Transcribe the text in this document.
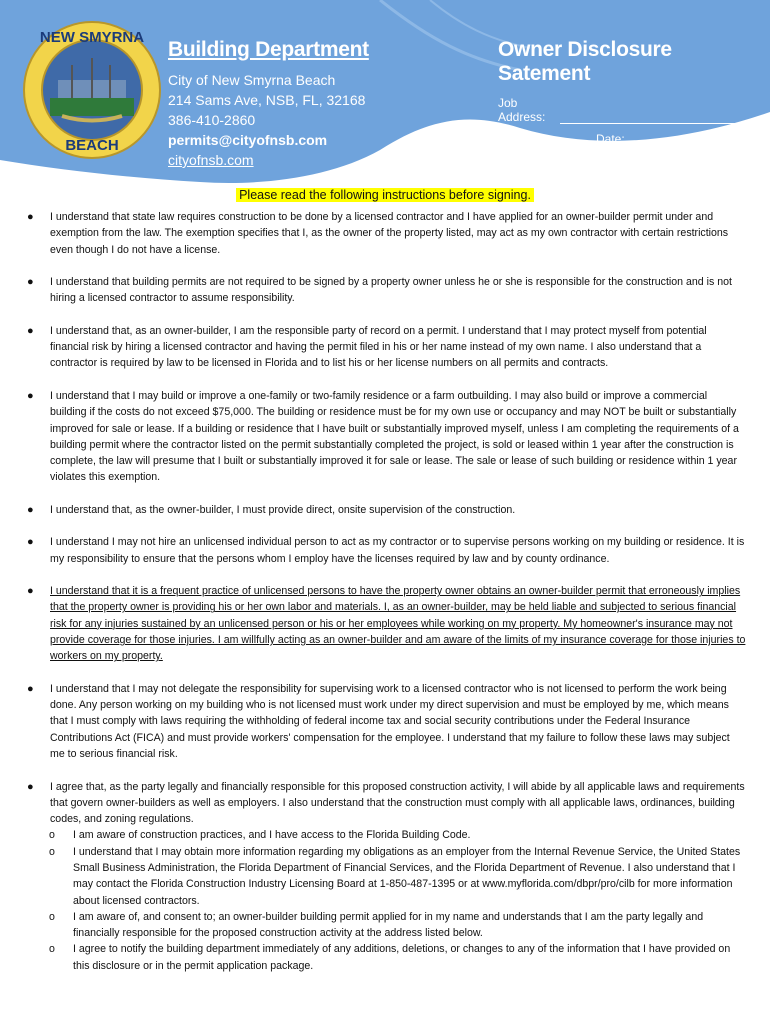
NEW SMYRNA
BEACH
Building Department
City of New Smyrna Beach
214 Sams Ave, NSB, FL, 32168
386-410-2860
permits@cityofnsb.com
cityofnsb.com
Owner Disclosure Satement
Job Address:
Date:
Please read the following instructions before signing.
● I understand that state law requires construction to be done by a licensed contractor and I have applied for an owner-builder permit under and exemption from the law. The exemption specifies that I, as the owner of the property listed, may act as my own contractor with certain restrictions even though I do not have a license.
● I understand that building permits are not required to be signed by a property owner unless he or she is responsible for the construction and is not hiring a licensed contractor to assume responsibility.
● I understand that, as an owner-builder, I am the responsible party of record on a permit. I understand that I may protect myself from potential financial risk by hiring a licensed contractor and having the permit filed in his or her name instead of my own name. I also understand that a contractor is required by law to be licensed in Florida and to list his or her license numbers on all permits and contracts.
● I understand that I may build or improve a one-family or two-family residence or a farm outbuilding. I may also build or improve a commercial building if the costs do not exceed $75,000. The building or residence must be for my own use or occupancy and may NOT be built or substantially improved for sale or lease. If a building or residence that I have built or substantially improved myself, unless I am completing the requirements of a building permit where the contractor listed on the permit substantially completed the project, is sold or leased within 1 year after the construction is complete, the law will presume that I built or substantially improved it for sale or lease. The sale or lease of such building or residence within 1 year violates this exemption.
● I understand that, as the owner-builder, I must provide direct, onsite supervision of the construction.
● I understand I may not hire an unlicensed individual person to act as my contractor or to supervise persons working on my building or residence. It is my responsibility to ensure that the persons whom I employ have the licenses required by law and by county ordinance.
● I understand that it is a frequent practice of unlicensed persons to have the property owner obtains an owner-builder permit that erroneously implies that the property owner is providing his or her own labor and materials. I, as an owner-builder, may be held liable and subjected to serious financial risk for any injuries sustained by an unlicensed person or his or her employees while working on my property. My homeowner's insurance may not provide coverage for those injuries. I am willfully acting as an owner-builder and am aware of the limits of my insurance coverage for those injuries to workers on my property.
● I understand that I may not delegate the responsibility for supervising work to a licensed contractor who is not licensed to perform the work being done. Any person working on my building who is not licensed must work under my direct supervision and must be employed by me, which means that I must comply with laws requiring the withholding of federal income tax and social security contributions under the Federal Insurance Contributions Act (FICA) and must provide workers' compensation for the employee. I understand that my failure to follow these laws may subject me to serious financial risk.
● I agree that, as the party legally and financially responsible for this proposed construction activity, I will abide by all applicable laws and requirements that govern owner-builders as well as employers. I also understand that the construction must comply with all applicable laws, ordinances, building codes, and zoning regulations.
o I am aware of construction practices, and I have access to the Florida Building Code.
o I understand that I may obtain more information regarding my obligations as an employer from the Internal Revenue Service, the United States Small Business Administration, the Florida Department of Financial Services, and the Florida Department of Revenue. I also understand that I may contact the Florida Construction Industry Licensing Board at 1-850-487-1395 or at www.myflorida.com/dbpr/pro/cilb for more information about licensed contractors.
o I am aware of, and consent to; an owner-builder building permit applied for in my name and understands that I am the party legally and financially responsible for the proposed construction activity at the address listed below.
o I agree to notify the building department immediately of any additions, deletions, or changes to any of the information that I have provided on this disclosure or in the permit application package.
